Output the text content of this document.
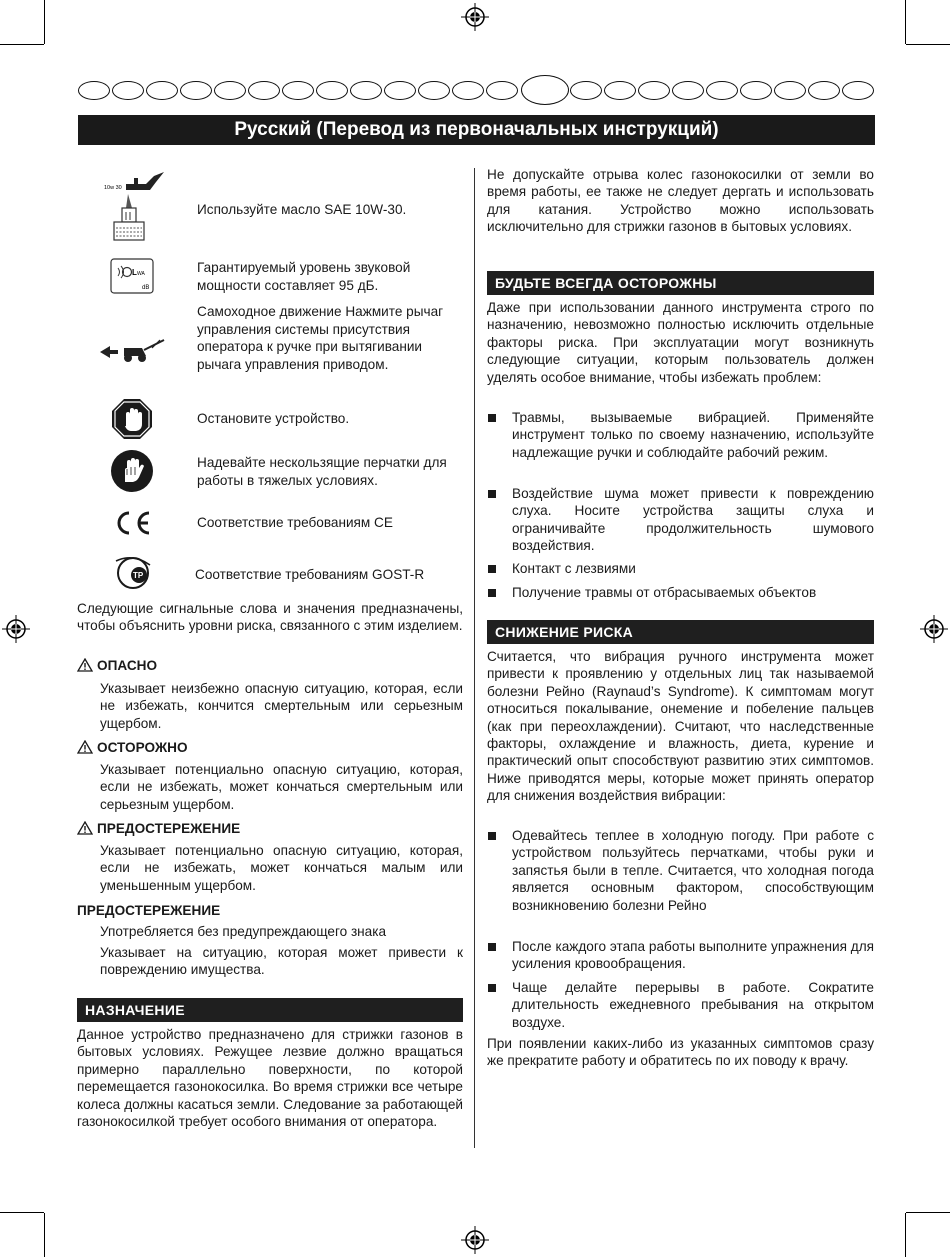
Русский (Перевод из первоначальных инструкций)
10w 30
Используйте масло SAE 10W-30.
L WA
dB
Гарантируемый уровень звуковой мощности составляет 95 дБ.
Самоходное движение Нажмите рычаг управления системы присутствия оператора к ручке при вытягивании рычага управления приводом.
Остановите устройство.
Надевайте нескользящие перчатки для работы в тяжелых условиях.
Соответствие требованиям CE
TP	Соответствие требованиям GOST-R
Следующие сигнальные слова и значения предназначены, чтобы объяснить уровни риска, связанного с этим изделием.
ОПАСНО
Указывает неизбежно опасную ситуацию, которая, если не избежать, кончится смертельным или серьезным ущербом.
ОСТОРОЖНО
Указывает потенциально опасную ситуацию, которая, если не избежать, может кончаться смертельным или серьезным ущербом.
ПРЕДОСТЕРЕЖЕНИЕ
Указывает потенциально опасную ситуацию, которая, если не избежать, может кончаться малым или уменьшенным ущербом.
ПРЕДОСТЕРЕЖЕНИЕ
Употребляется без предупреждающего знака
Указывает на ситуацию, которая может привести к повреждению имущества.
НАЗНАЧЕНИЕ
Данное устройство предназначено для стрижки газонов в бытовых условиях. Режущее лезвие должно вращаться примерно параллельно поверхности, по которой перемещается газонокосилка. Во время стрижки все четыре колеса должны касаться земли. Следование за работающей газонокосилкой требует особого внимания от оператора.
Не допускайте отрыва колес газонокосилки от земли во время работы, ее также не следует дергать и использовать для катания. Устройство можно использовать исключительно для стрижки газонов в бытовых условиях.
БУДЬТЕ ВСЕГДА ОСТОРОЖНЫ
Даже при использовании данного инструмента строго по назначению, невозможно полностью исключить отдельные факторы риска. При эксплуатации могут возникнуть следующие ситуации, которым пользователь должен уделять особое внимание, чтобы избежать проблем:
Травмы, вызываемые вибрацией. Применяйте инструмент только по своему назначению, используйте надлежащие ручки и соблюдайте рабочий режим.
Воздействие шума может привести к повреждению слуха. Носите устройства защиты слуха и ограничивайте продолжительность шумового воздействия.
Контакт с лезвиями
Получение травмы от отбрасываемых объектов
СНИЖЕНИЕ РИСКА
Считается, что вибрация ручного инструмента может привести к проявлению у отдельных лиц так называемой болезни Рейно (Raynaud’s Syndrome). К симптомам могут относиться покалывание, онемение и побеление пальцев (как при переохлаждении). Считают, что наследственные факторы, охлаждение и влажность, диета, курение и практический опыт способствуют развитию этих симптомов. Ниже приводятся меры, которые может принять оператор для снижения воздействия вибрации:
Одевайтесь теплее в холодную погоду. При работе с устройством пользуйтесь перчатками, чтобы руки и запястья были в тепле. Считается, что холодная погода является основным фактором, способствующим возникновению болезни Рейно
После каждого этапа работы выполните упражнения для усиления кровообращения.
Чаще делайте перерывы в работе. Сократите длительность ежедневного пребывания на открытом воздухе.
При появлении каких-либо из указанных симптомов сразу же прекратите работу и обратитесь по их поводу к врачу.
